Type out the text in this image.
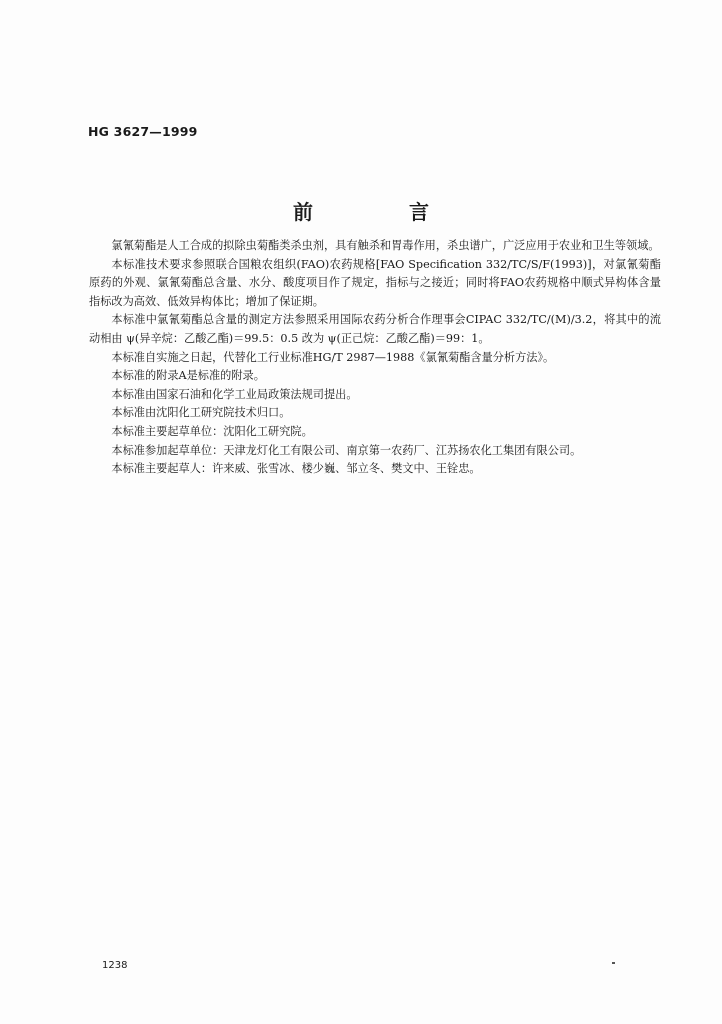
HG 3627—1999
前　言

氯氰菊酯是人工合成的拟除虫菊酯类杀虫剂，具有触杀和胃毒作用，杀虫谱广，广泛应用于农业和卫生等领域。

本标准技术要求参照联合国粮农组织(FAO)农药规格[FAO Specification 332/TC/S/F(1993)]，对氯氰菊酯原药的外观、氯氰菊酯总含量、水分、酸度项目作了规定，指标与之接近；同时将FAO农药规格中顺式异构体含量指标改为高效、低效异构体比；增加了保证期。

本标准中氯氰菊酯总含量的测定方法参照采用国际农药分析合作理事会CIPAC 332/TC/(M)/3.2，将其中的流动相由 ψ(异辛烷：乙酸乙酯)＝99.5：0.5 改为 ψ(正己烷：乙酸乙酯)＝99：1。

本标准自实施之日起，代替化工行业标准HG/T 2987—1988《氯氰菊酯含量分析方法》。

本标准的附录A是标准的附录。

本标准由国家石油和化学工业局政策法规司提出。

本标准由沈阳化工研究院技术归口。

本标准主要起草单位：沈阳化工研究院。

本标准参加起草单位：天津龙灯化工有限公司、南京第一农药厂、江苏扬农化工集团有限公司。

本标准主要起草人：许来威、张雪冰、楼少巍、邹立冬、樊文中、王铨忠。

1238
